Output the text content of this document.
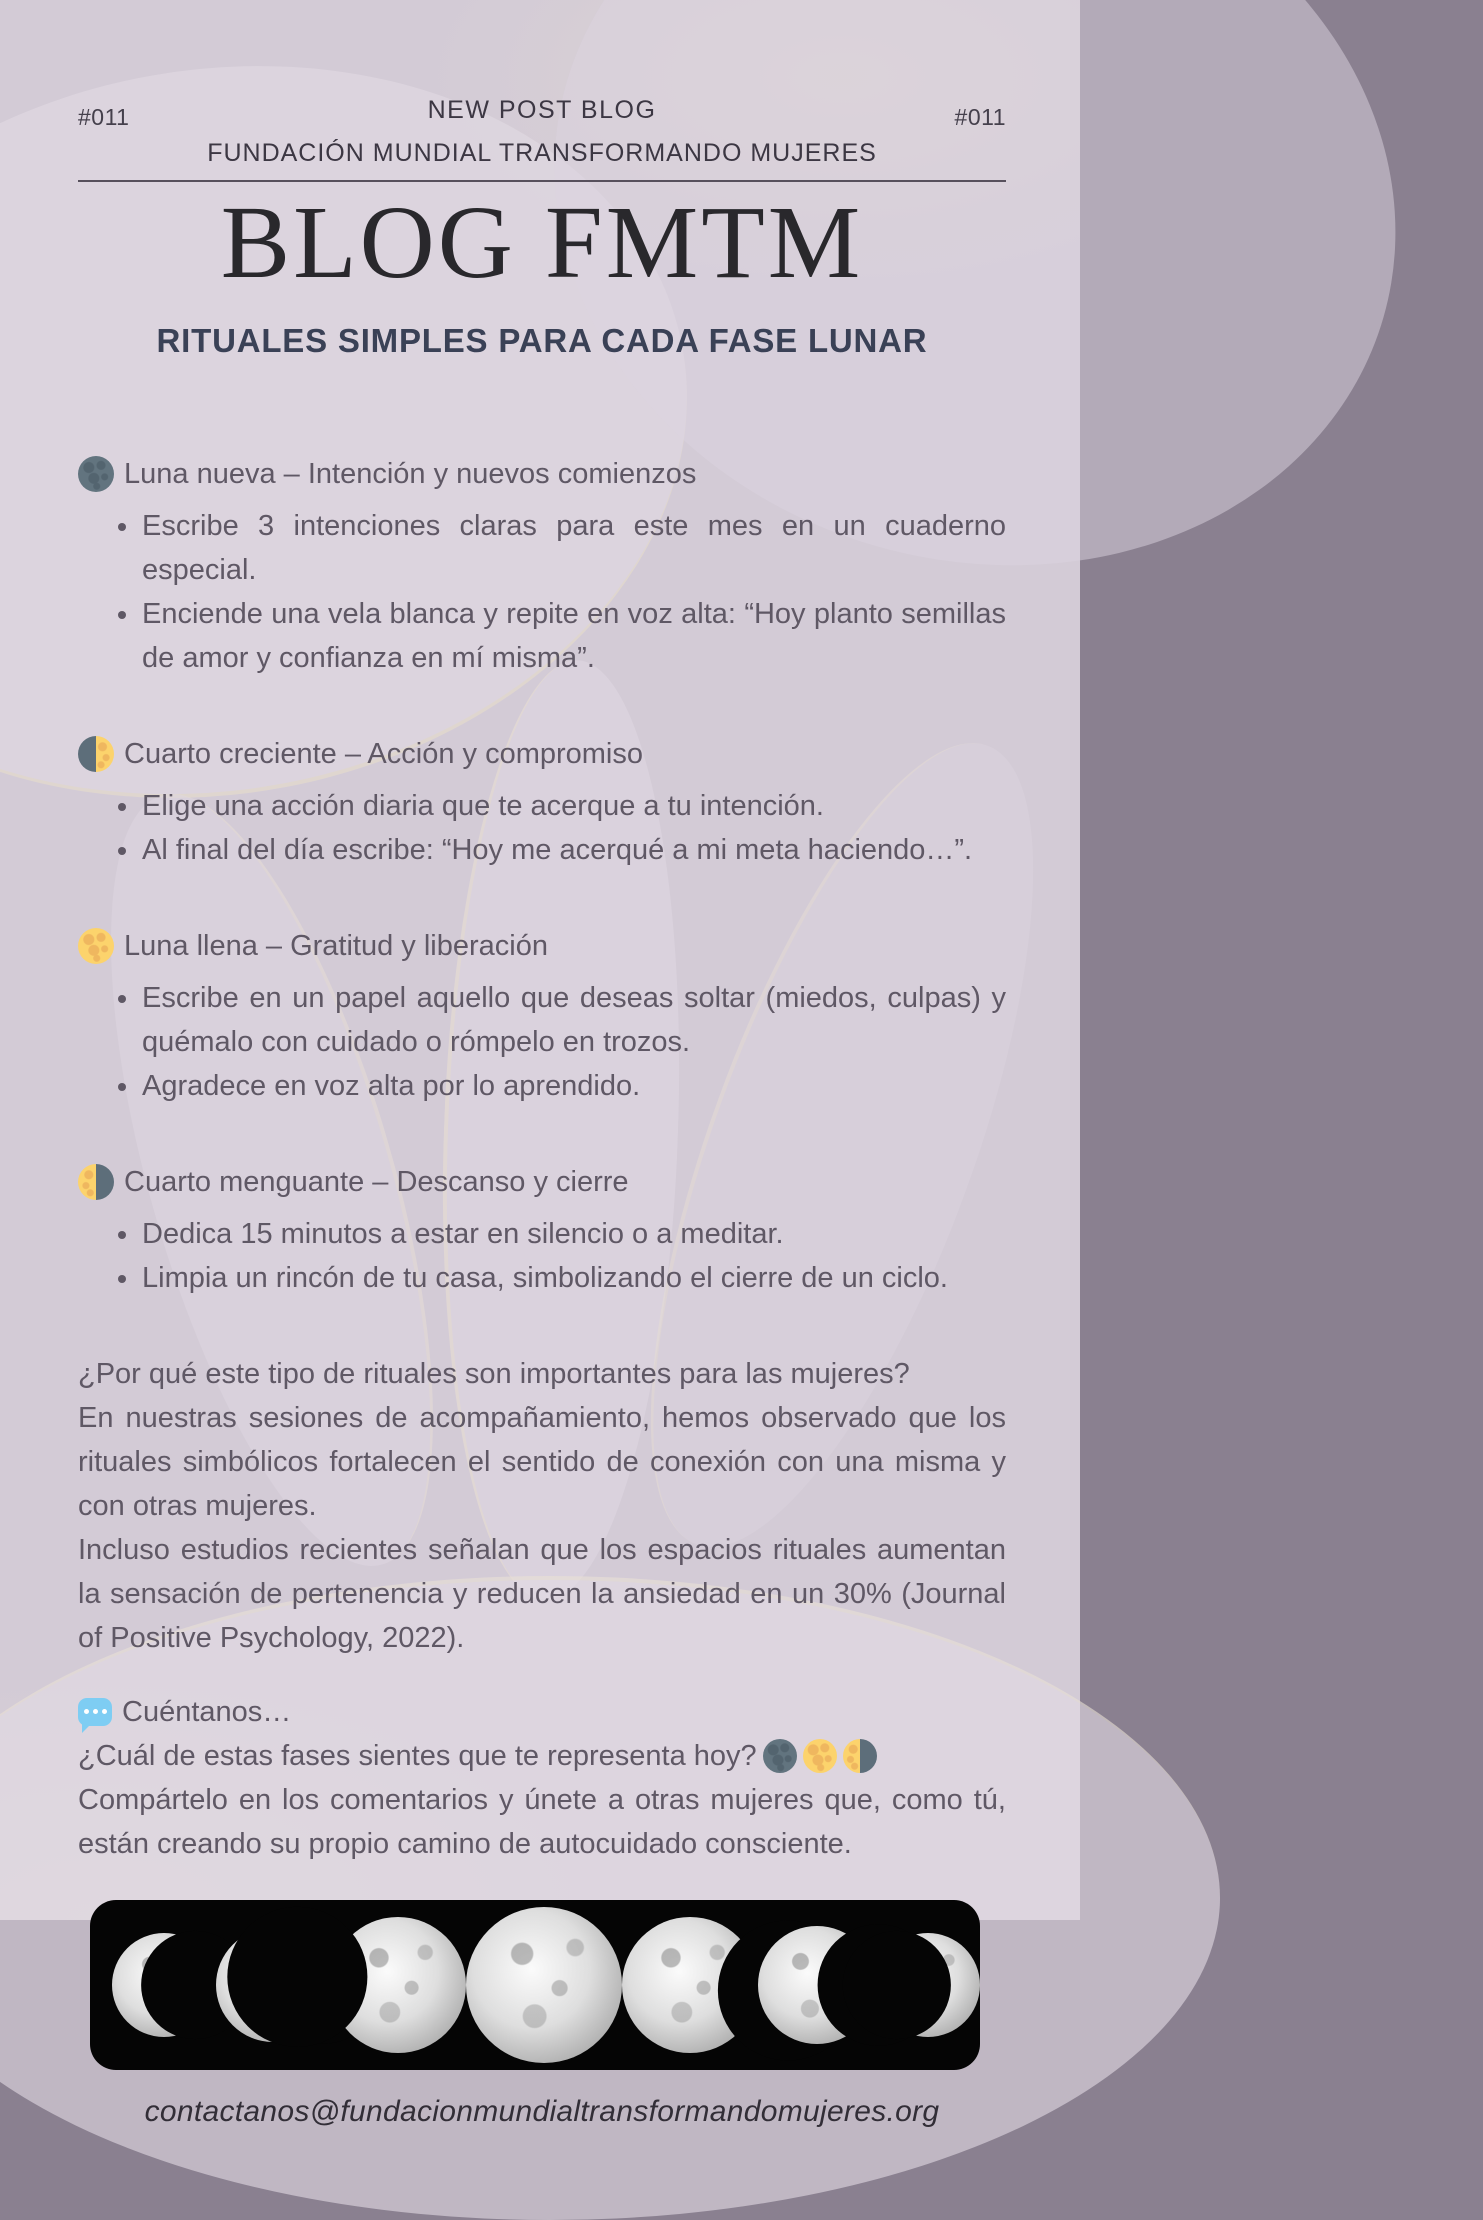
#011	NEW POST BLOG
FUNDACIÓN MUNDIAL TRANSFORMANDO MUJERES
#011
BLOG FMTM
RITUALES SIMPLES PARA CADA FASE LUNAR
Luna nueva – Intención y nuevos comienzos
Escribe 3 intenciones claras para este mes en un cuaderno especial.
Enciende una vela blanca y repite en voz alta: “Hoy planto semillas de amor y confianza en mí misma”.
Cuarto creciente – Acción y compromiso
Elige una acción diaria que te acerque a tu intención.
Al final del día escribe: “Hoy me acerqué a mi meta haciendo…”.
Luna llena – Gratitud y liberación
Escribe en un papel aquello que deseas soltar (miedos, culpas) y quémalo con cuidado o rómpelo en trozos.
Agradece en voz alta por lo aprendido.
Cuarto menguante – Descanso y cierre
Dedica 15 minutos a estar en silencio o a meditar.
Limpia un rincón de tu casa, simbolizando el cierre de un ciclo.
¿Por qué este tipo de rituales son importantes para las mujeres?
En nuestras sesiones de acompañamiento, hemos observado que los rituales simbólicos fortalecen el sentido de conexión con una misma y con otras mujeres.
Incluso estudios recientes señalan que los espacios rituales aumentan la sensación de pertenencia y reducen la ansiedad en un 30% (Journal of Positive Psychology, 2022).
Cuéntanos…
¿Cuál de estas fases sientes que te representa hoy?
Compártelo en los comentarios y únete a otras mujeres que, como tú, están creando su propio camino de autocuidado consciente.
contactanos@fundacionmundialtransformandomujeres.org
